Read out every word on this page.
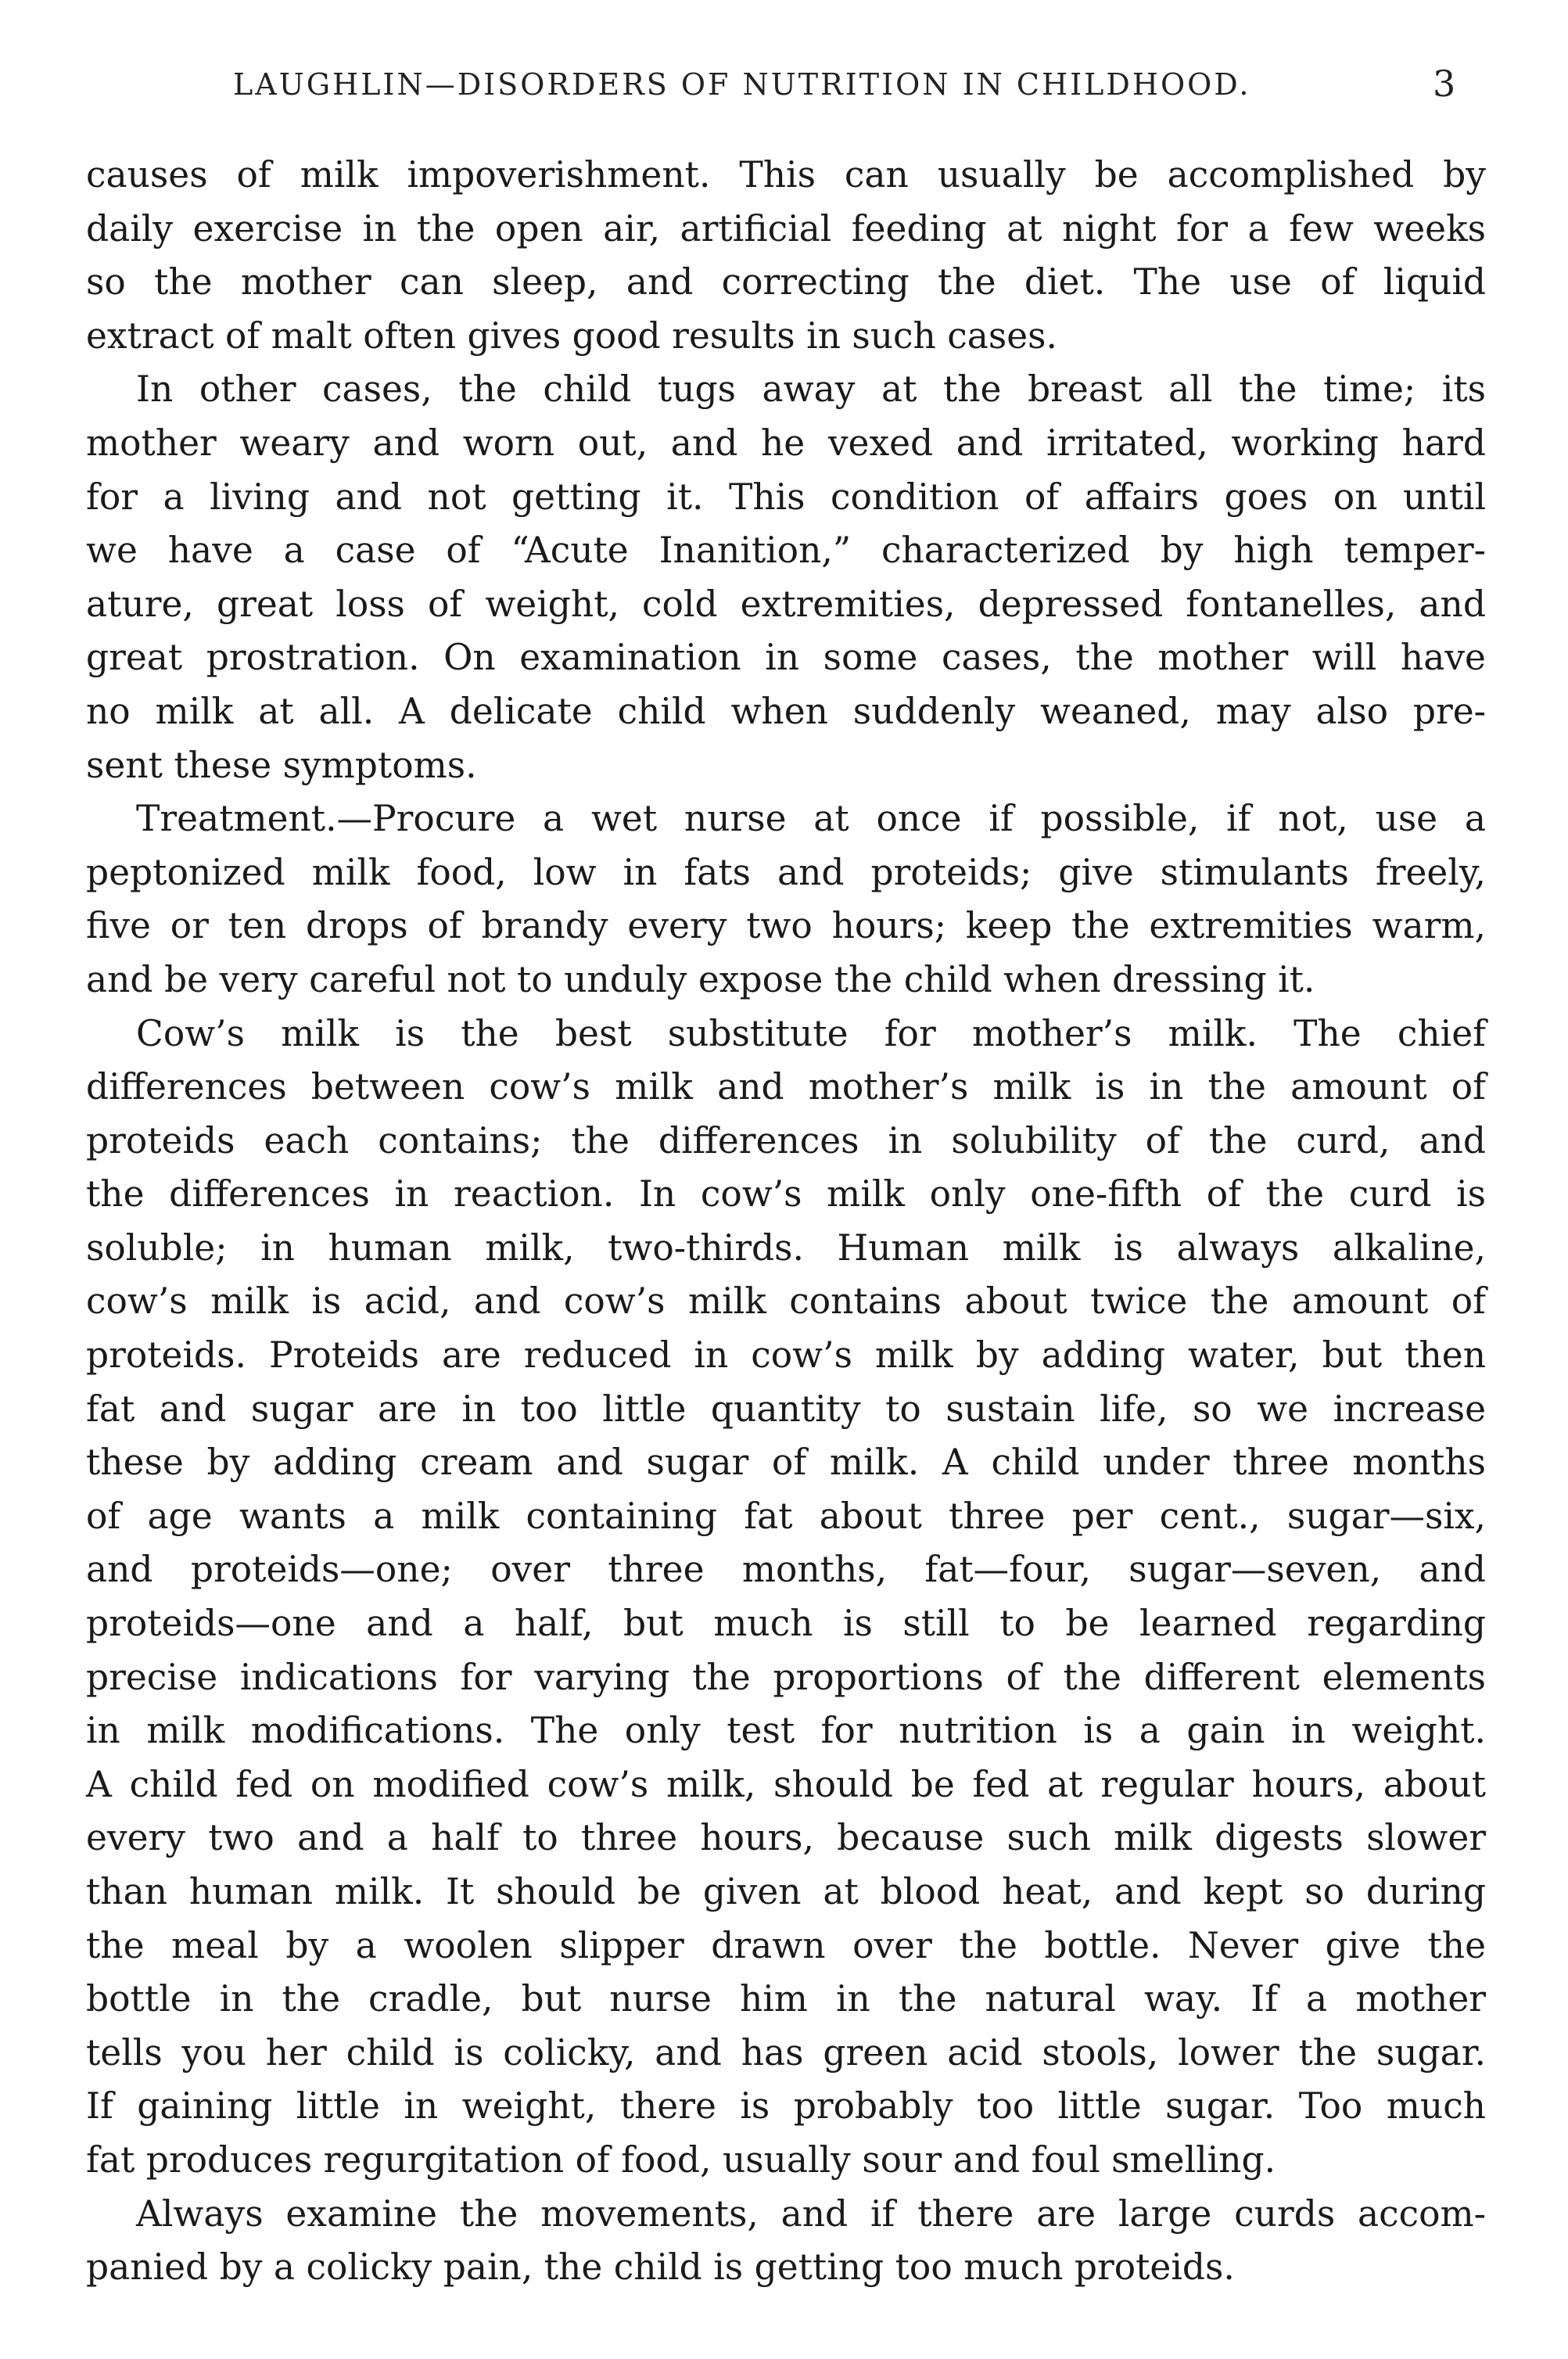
LAUGHLIN—DISORDERS OF NUTRITION IN CHILDHOOD.	3
causes of milk impoverishment. This can usually be accomplished by
daily exercise in the open air, artificial feeding at night for a few weeks
so the mother can sleep, and correcting the diet. The use of liquid
extract of malt often gives good results in such cases.
In other cases, the child tugs away at the breast all the time; its
mother weary and worn out, and he vexed and irritated, working hard
for a living and not getting it. This condition of affairs goes on until
we have a case of “Acute Inanition,” characterized by high temper-
ature, great loss of weight, cold extremities, depressed fontanelles, and
great prostration. On examination in some cases, the mother will have
no milk at all. A delicate child when suddenly weaned, may also pre-
sent these symptoms.
Treatment.—Procure a wet nurse at once if possible, if not, use a
peptonized milk food, low in fats and proteids; give stimulants freely,
five or ten drops of brandy every two hours; keep the extremities warm,
and be very careful not to unduly expose the child when dressing it.
Cow’s milk is the best substitute for mother’s milk. The chief
differences between cow’s milk and mother’s milk is in the amount of
proteids each contains; the differences in solubility of the curd, and
the differences in reaction. In cow’s milk only one-fifth of the curd is
soluble; in human milk, two-thirds. Human milk is always alkaline,
cow’s milk is acid, and cow’s milk contains about twice the amount of
proteids. Proteids are reduced in cow’s milk by adding water, but then
fat and sugar are in too little quantity to sustain life, so we increase
these by adding cream and sugar of milk. A child under three months
of age wants a milk containing fat about three per cent., sugar—six,
and proteids—one; over three months, fat—four, sugar—seven, and
proteids—one and a half, but much is still to be learned regarding
precise indications for varying the proportions of the different elements
in milk modifications. The only test for nutrition is a gain in weight.
A child fed on modified cow’s milk, should be fed at regular hours, about
every two and a half to three hours, because such milk digests slower
than human milk. It should be given at blood heat, and kept so during
the meal by a woolen slipper drawn over the bottle. Never give the
bottle in the cradle, but nurse him in the natural way. If a mother
tells you her child is colicky, and has green acid stools, lower the sugar.
If gaining little in weight, there is probably too little sugar. Too much
fat produces regurgitation of food, usually sour and foul smelling.
Always examine the movements, and if there are large curds accom-
panied by a colicky pain, the child is getting too much proteids.
